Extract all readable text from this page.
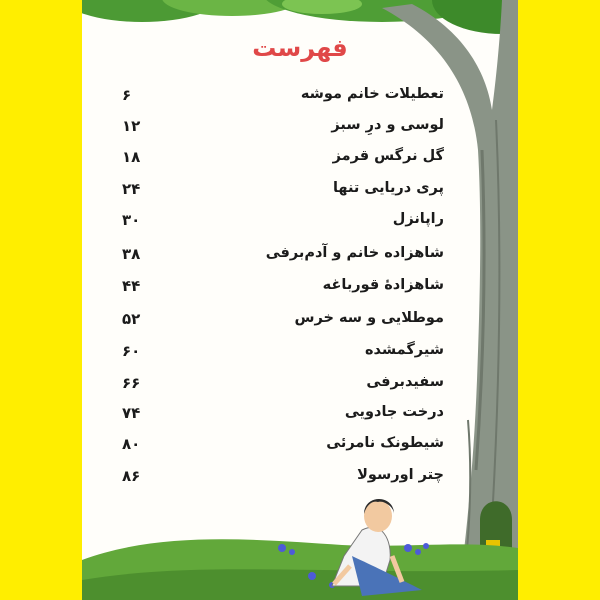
فهرست
تعطیلات خانم موشه
۶
لوسی و درِ سبز
۱۲
گل نرگس قرمز
۱۸
پری دریایی تنها
۲۴
راپانزل
۳۰
شاهزاده خانم و آدم‌برفی
۳۸
شاهزادهٔ قورباغه
۴۴
موطلایی و سه خرس
۵۲
شیرگمشده
۶۰
سفیدبرفی
۶۶
درخت جادویی
۷۴
شیطونک نامرئی
۸۰
چتر اورسولا
۸۶
